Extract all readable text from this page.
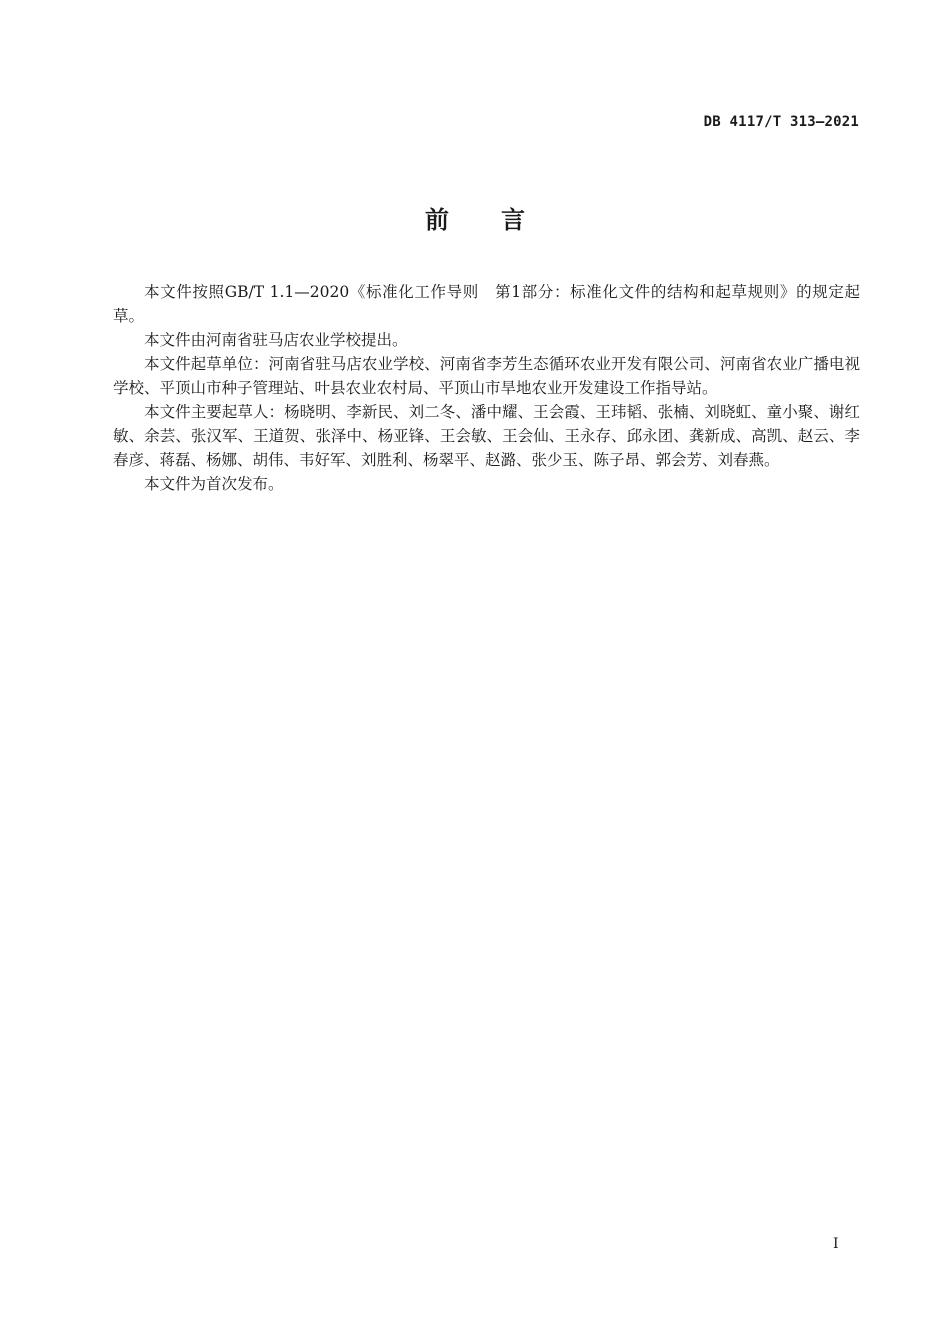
DB 4117/T 313—2021
前言

本文件按照GB/T 1.1—2020《标准化工作导则　第1部分：标准化文件的结构和起草规则》的规定起草。

本文件由河南省驻马店农业学校提出。

本文件起草单位：河南省驻马店农业学校、河南省李芳生态循环农业开发有限公司、河南省农业广播电视学校、平顶山市种子管理站、叶县农业农村局、平顶山市旱地农业开发建设工作指导站。

本文件主要起草人：杨晓明、李新民、刘二冬、潘中耀、王会霞、王玮韬、张楠、刘晓虹、童小聚、谢红敏、余芸、张汉军、王道贺、张泽中、杨亚锋、王会敏、王会仙、王永存、邱永团、龚新成、高凯、赵云、李春彦、蒋磊、杨娜、胡伟、韦好军、刘胜利、杨翠平、赵潞、张少玉、陈子昂、郭会芳、刘春燕。

本文件为首次发布。

I
